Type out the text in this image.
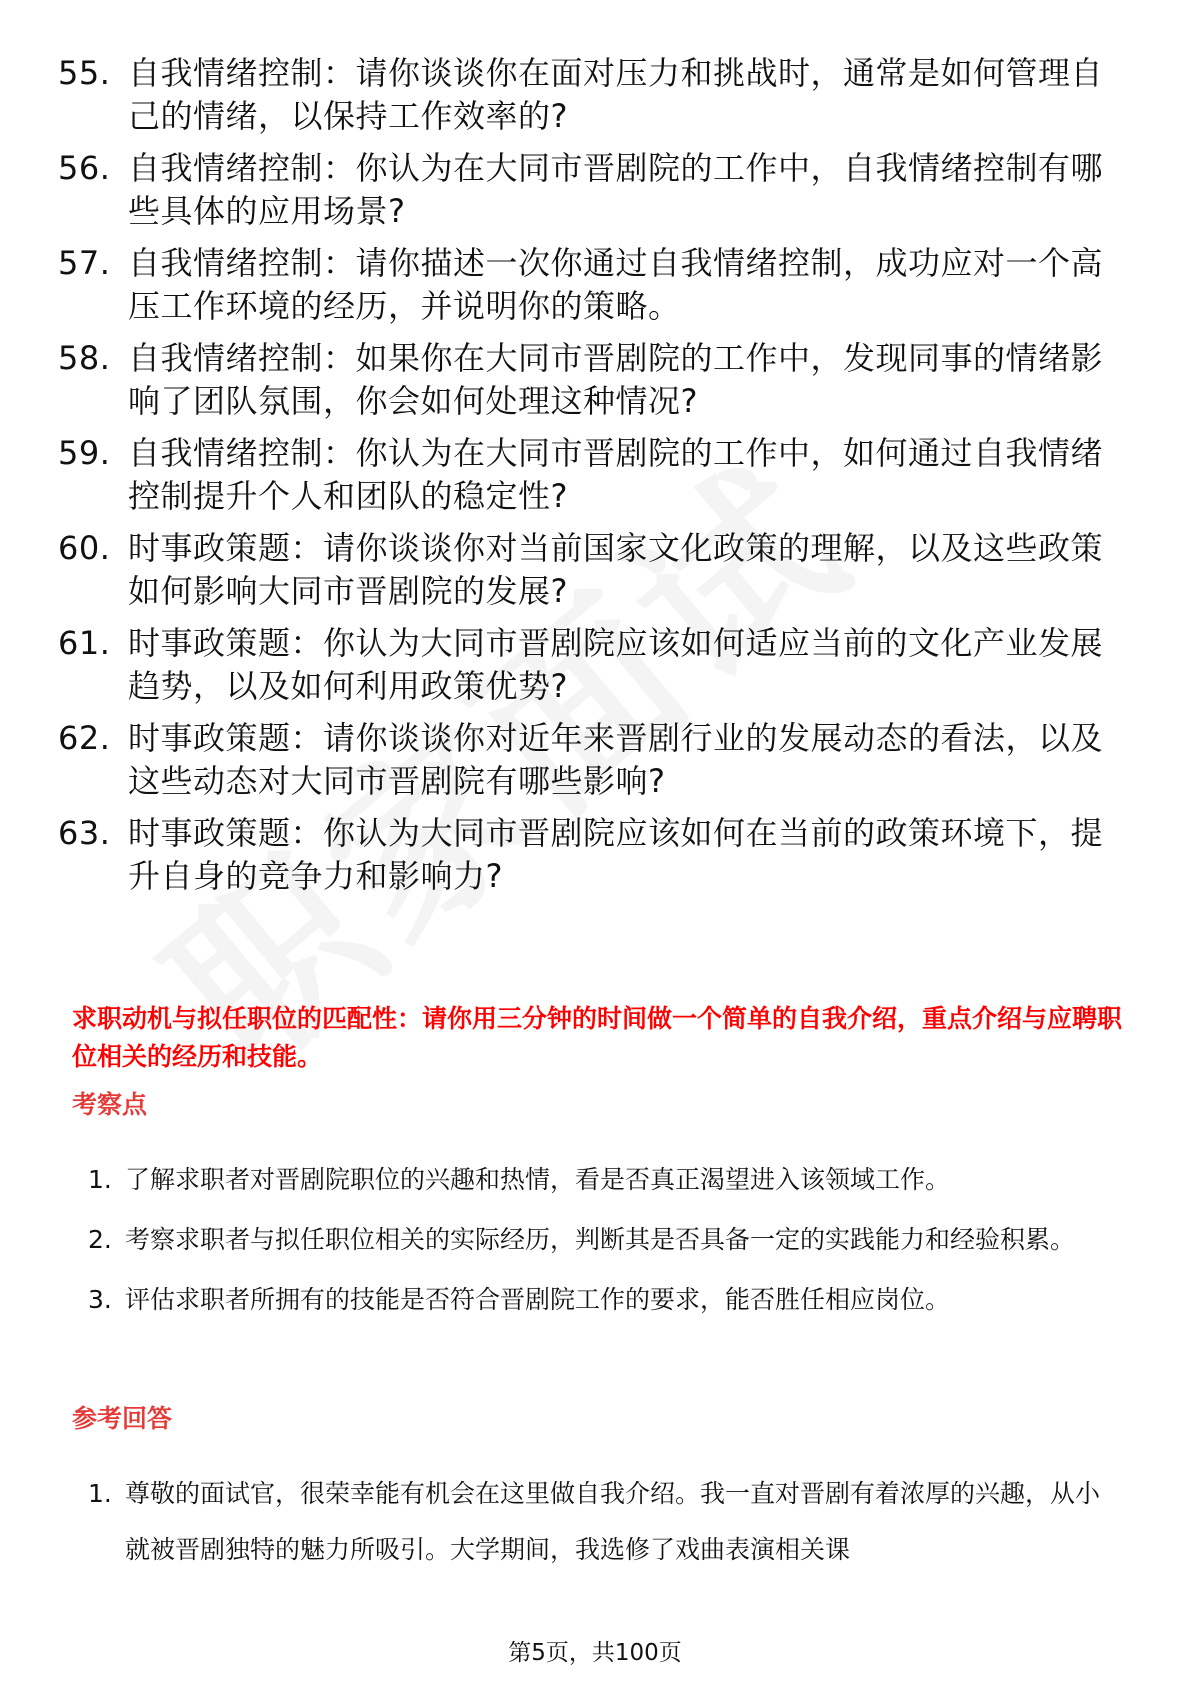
55. 自我情绪控制：请你谈谈你在面对压力和挑战时，通常是如何管理自己的情绪，以保持工作效率的?
56. 自我情绪控制：你认为在大同市晋剧院的工作中，自我情绪控制有哪些具体的应用场景?
57. 自我情绪控制：请你描述一次你通过自我情绪控制，成功应对一个高压工作环境的经历，并说明你的策略。
58. 自我情绪控制：如果你在大同市晋剧院的工作中，发现同事的情绪影响了团队氛围，你会如何处理这种情况?
59. 自我情绪控制：你认为在大同市晋剧院的工作中，如何通过自我情绪控制提升个人和团队的稳定性?
60. 时事政策题：请你谈谈你对当前国家文化政策的理解，以及这些政策如何影响大同市晋剧院的发展?
61. 时事政策题：你认为大同市晋剧院应该如何适应当前的文化产业发展趋势，以及如何利用政策优势?
62. 时事政策题：请你谈谈你对近年来晋剧行业的发展动态的看法，以及这些动态对大同市晋剧院有哪些影响?
63. 时事政策题：你认为大同市晋剧院应该如何在当前的政策环境下，提升自身的竞争力和影响力?
求职动机与拟任职位的匹配性：请你用三分钟的时间做一个简单的自我介绍，重点介绍与应聘职位相关的经历和技能。
考察点
1. 了解求职者对晋剧院职位的兴趣和热情，看是否真正渴望进入该领域工作。
2. 考察求职者与拟任职位相关的实际经历，判断其是否具备一定的实践能力和经验积累。
3. 评估求职者所拥有的技能是否符合晋剧院工作的要求，能否胜任相应岗位。
参考回答
1. 尊敬的面试官，很荣幸能有机会在这里做自我介绍。我一直对晋剧有着浓厚的兴趣，从小就被晋剧独特的魅力所吸引。大学期间，我选修了戏曲表演相关课
第5页，共100页
